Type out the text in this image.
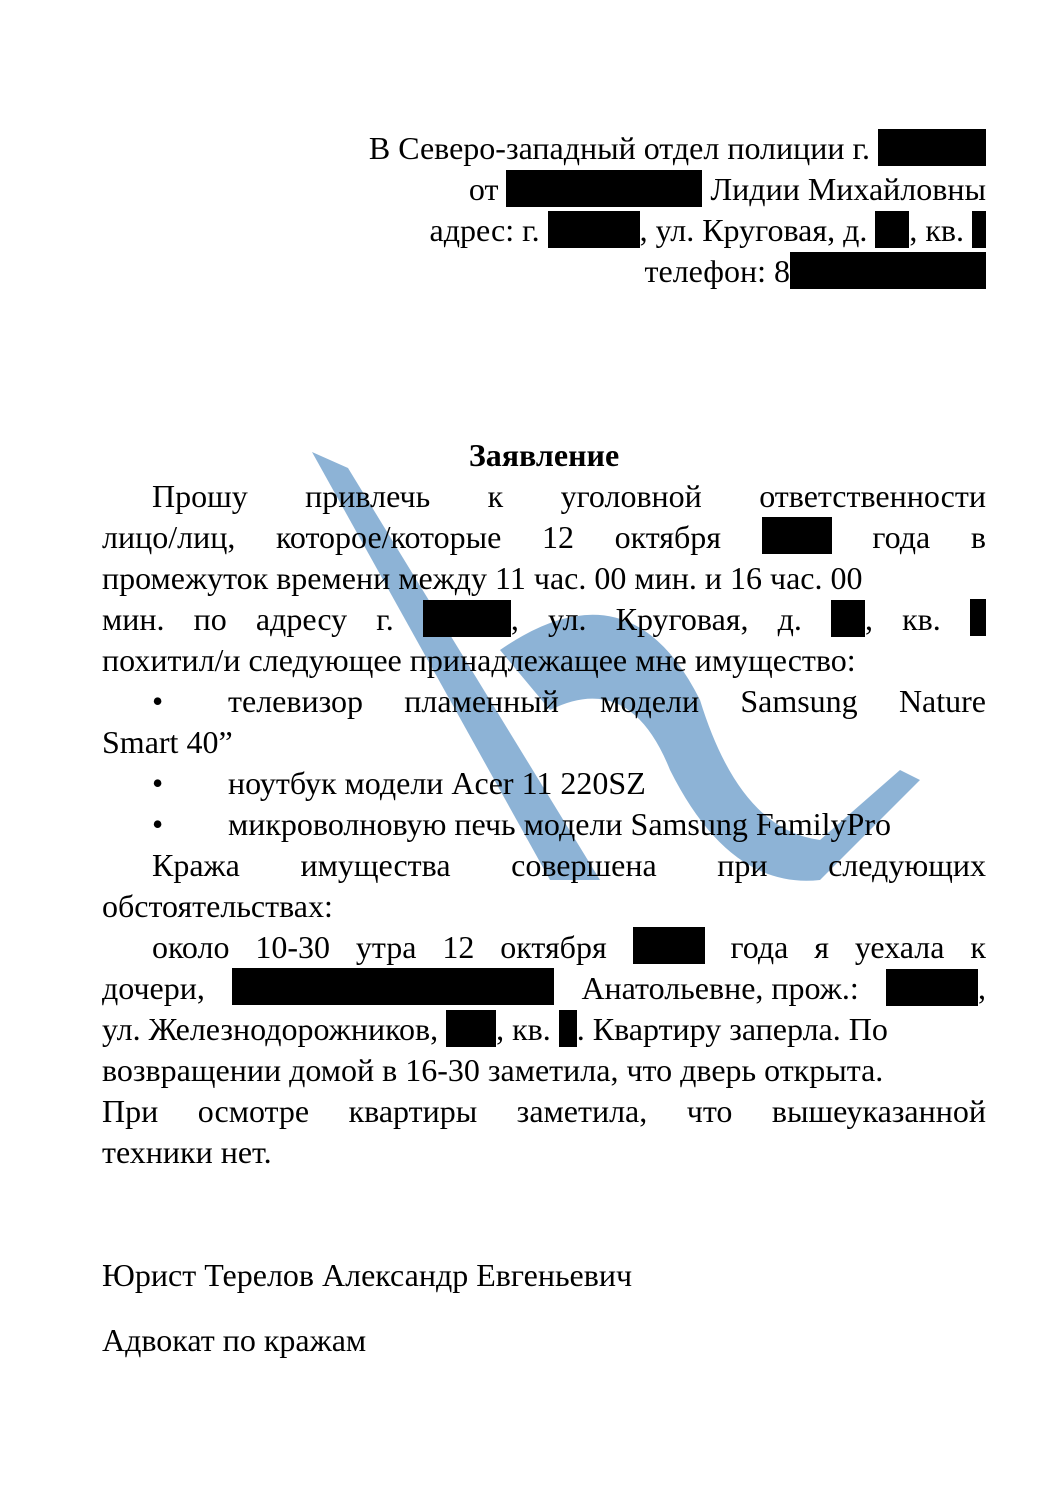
В Северо-западный отдел полиции г.
от	Лидии Михайловны
адрес: г.	, ул. Круговая, д. , кв.
телефон: 8
Заявление
Прошу привлечь к уголовной ответственности
лицо/лиц, которое/которые 12 октября	года в
промежуток времени между 11 час. 00 мин. и 16 час. 00
мин. по адресу г.	, ул. Круговая, д.	, кв.
похитил/и следующее принадлежащее мне имущество:
•	телевизор пламенный модели Samsung Nature
Smart 40”
•	ноутбук модели Acer 11 220SZ
•	микроволновую печь модели Samsung FamilyPro
Кража имущества совершена при следующих
обстоятельствах:
около 10-30 утра 12 октября	года я уехала к
дочери,	Анатольевне, прож.:	,
ул. Железнодорожников, , кв. . Квартиру заперла. По
возвращении домой в 16-30 заметила, что дверь открыта.
При осмотре квартиры заметила, что вышеуказанной
техники нет.
Юрист Терелов Александр Евгеньевич
Адвокат по кражам
